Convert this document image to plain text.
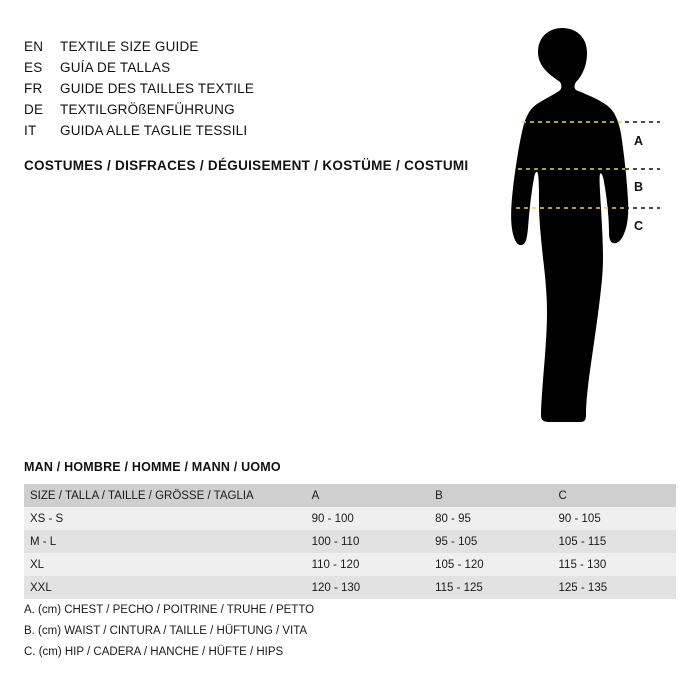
EN	TEXTILE SIZE GUIDE
ES	GUÍA DE TALLAS
FR	GUIDE DES TAILLES TEXTILE
DE	TEXTILGRÖßENFÜHRUNG
IT	GUIDA ALLE TAGLIE TESSILI
COSTUMES / DISFRACES / DÉGUISEMENT / KOSTÜME / COSTUMI
A
B
C
MAN / HOMBRE / HOMME / MANN / UOMO
SIZE / TALLA / TAILLE / GRÖSSE / TAGLIA	A	B	C
XS - S	90 - 100	80 - 95	90 - 105
M - L	100 - 110	95 - 105	105 - 115
XL	110 - 120	105 - 120	115 - 130
XXL	120 - 130	115 - 125	125 - 135
A. (cm) CHEST / PECHO / POITRINE / TRUHE / PETTO
B. (cm) WAIST / CINTURA / TAILLE / HÜFTUNG / VITA
C. (cm) HIP / CADERA / HANCHE / HÜFTE / HIPS
